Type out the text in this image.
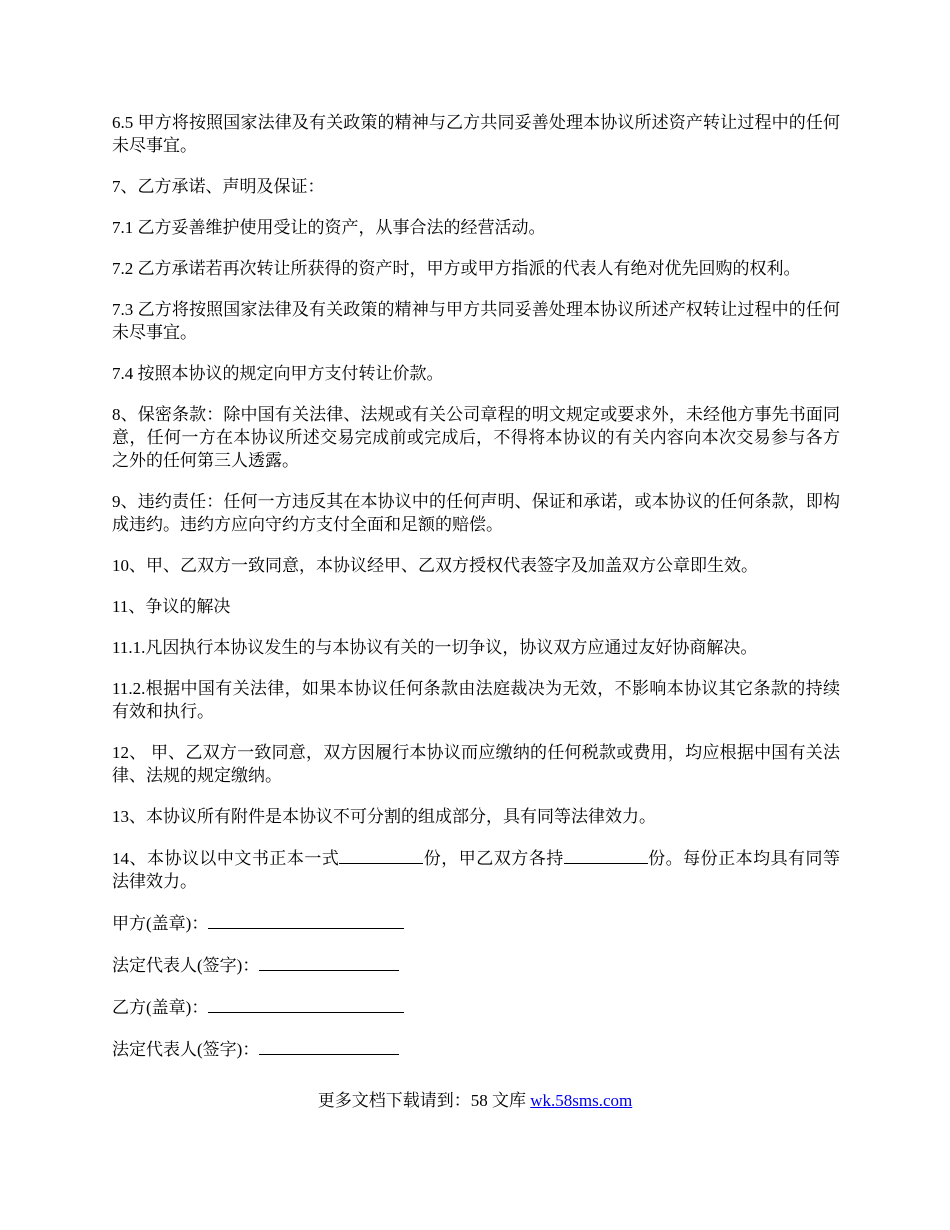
6.5 甲方将按照国家法律及有关政策的精神与乙方共同妥善处理本协议所述资产转让过程中的任何未尽事宜。

7、乙方承诺、声明及保证：

7.1 乙方妥善维护使用受让的资产，从事合法的经营活动。

7.2 乙方承诺若再次转让所获得的资产时，甲方或甲方指派的代表人有绝对优先回购的权利。

7.3 乙方将按照国家法律及有关政策的精神与甲方共同妥善处理本协议所述产权转让过程中的任何未尽事宜。

7.4 按照本协议的规定向甲方支付转让价款。

8、保密条款：除中国有关法律、法规或有关公司章程的明文规定或要求外，未经他方事先书面同意，任何一方在本协议所述交易完成前或完成后，不得将本协议的有关内容向本次交易参与各方之外的任何第三人透露。

9、违约责任：任何一方违反其在本协议中的任何声明、保证和承诺，或本协议的任何条款，即构成违约。违约方应向守约方支付全面和足额的赔偿。

10、甲、乙双方一致同意，本协议经甲、乙双方授权代表签字及加盖双方公章即生效。

11、争议的解决

11.1.凡因执行本协议发生的与本协议有关的一切争议，协议双方应通过友好协商解决。

11.2.根据中国有关法律，如果本协议任何条款由法庭裁决为无效，不影响本协议其它条款的持续有效和执行。

12、 甲、乙双方一致同意，双方因履行本协议而应缴纳的任何税款或费用，均应根据中国有关法律、法规的规定缴纳。

13、本协议所有附件是本协议不可分割的组成部分，具有同等法律效力。

14、本协议以中文书正本一式	份，甲乙双方各持	份。每份正本均具有同等法律效力。

甲方(盖章)：

法定代表人(签字)：

乙方(盖章)：

法定代表人(签字)：

更多文档下载请到：58 文库 wk.58sms.com
